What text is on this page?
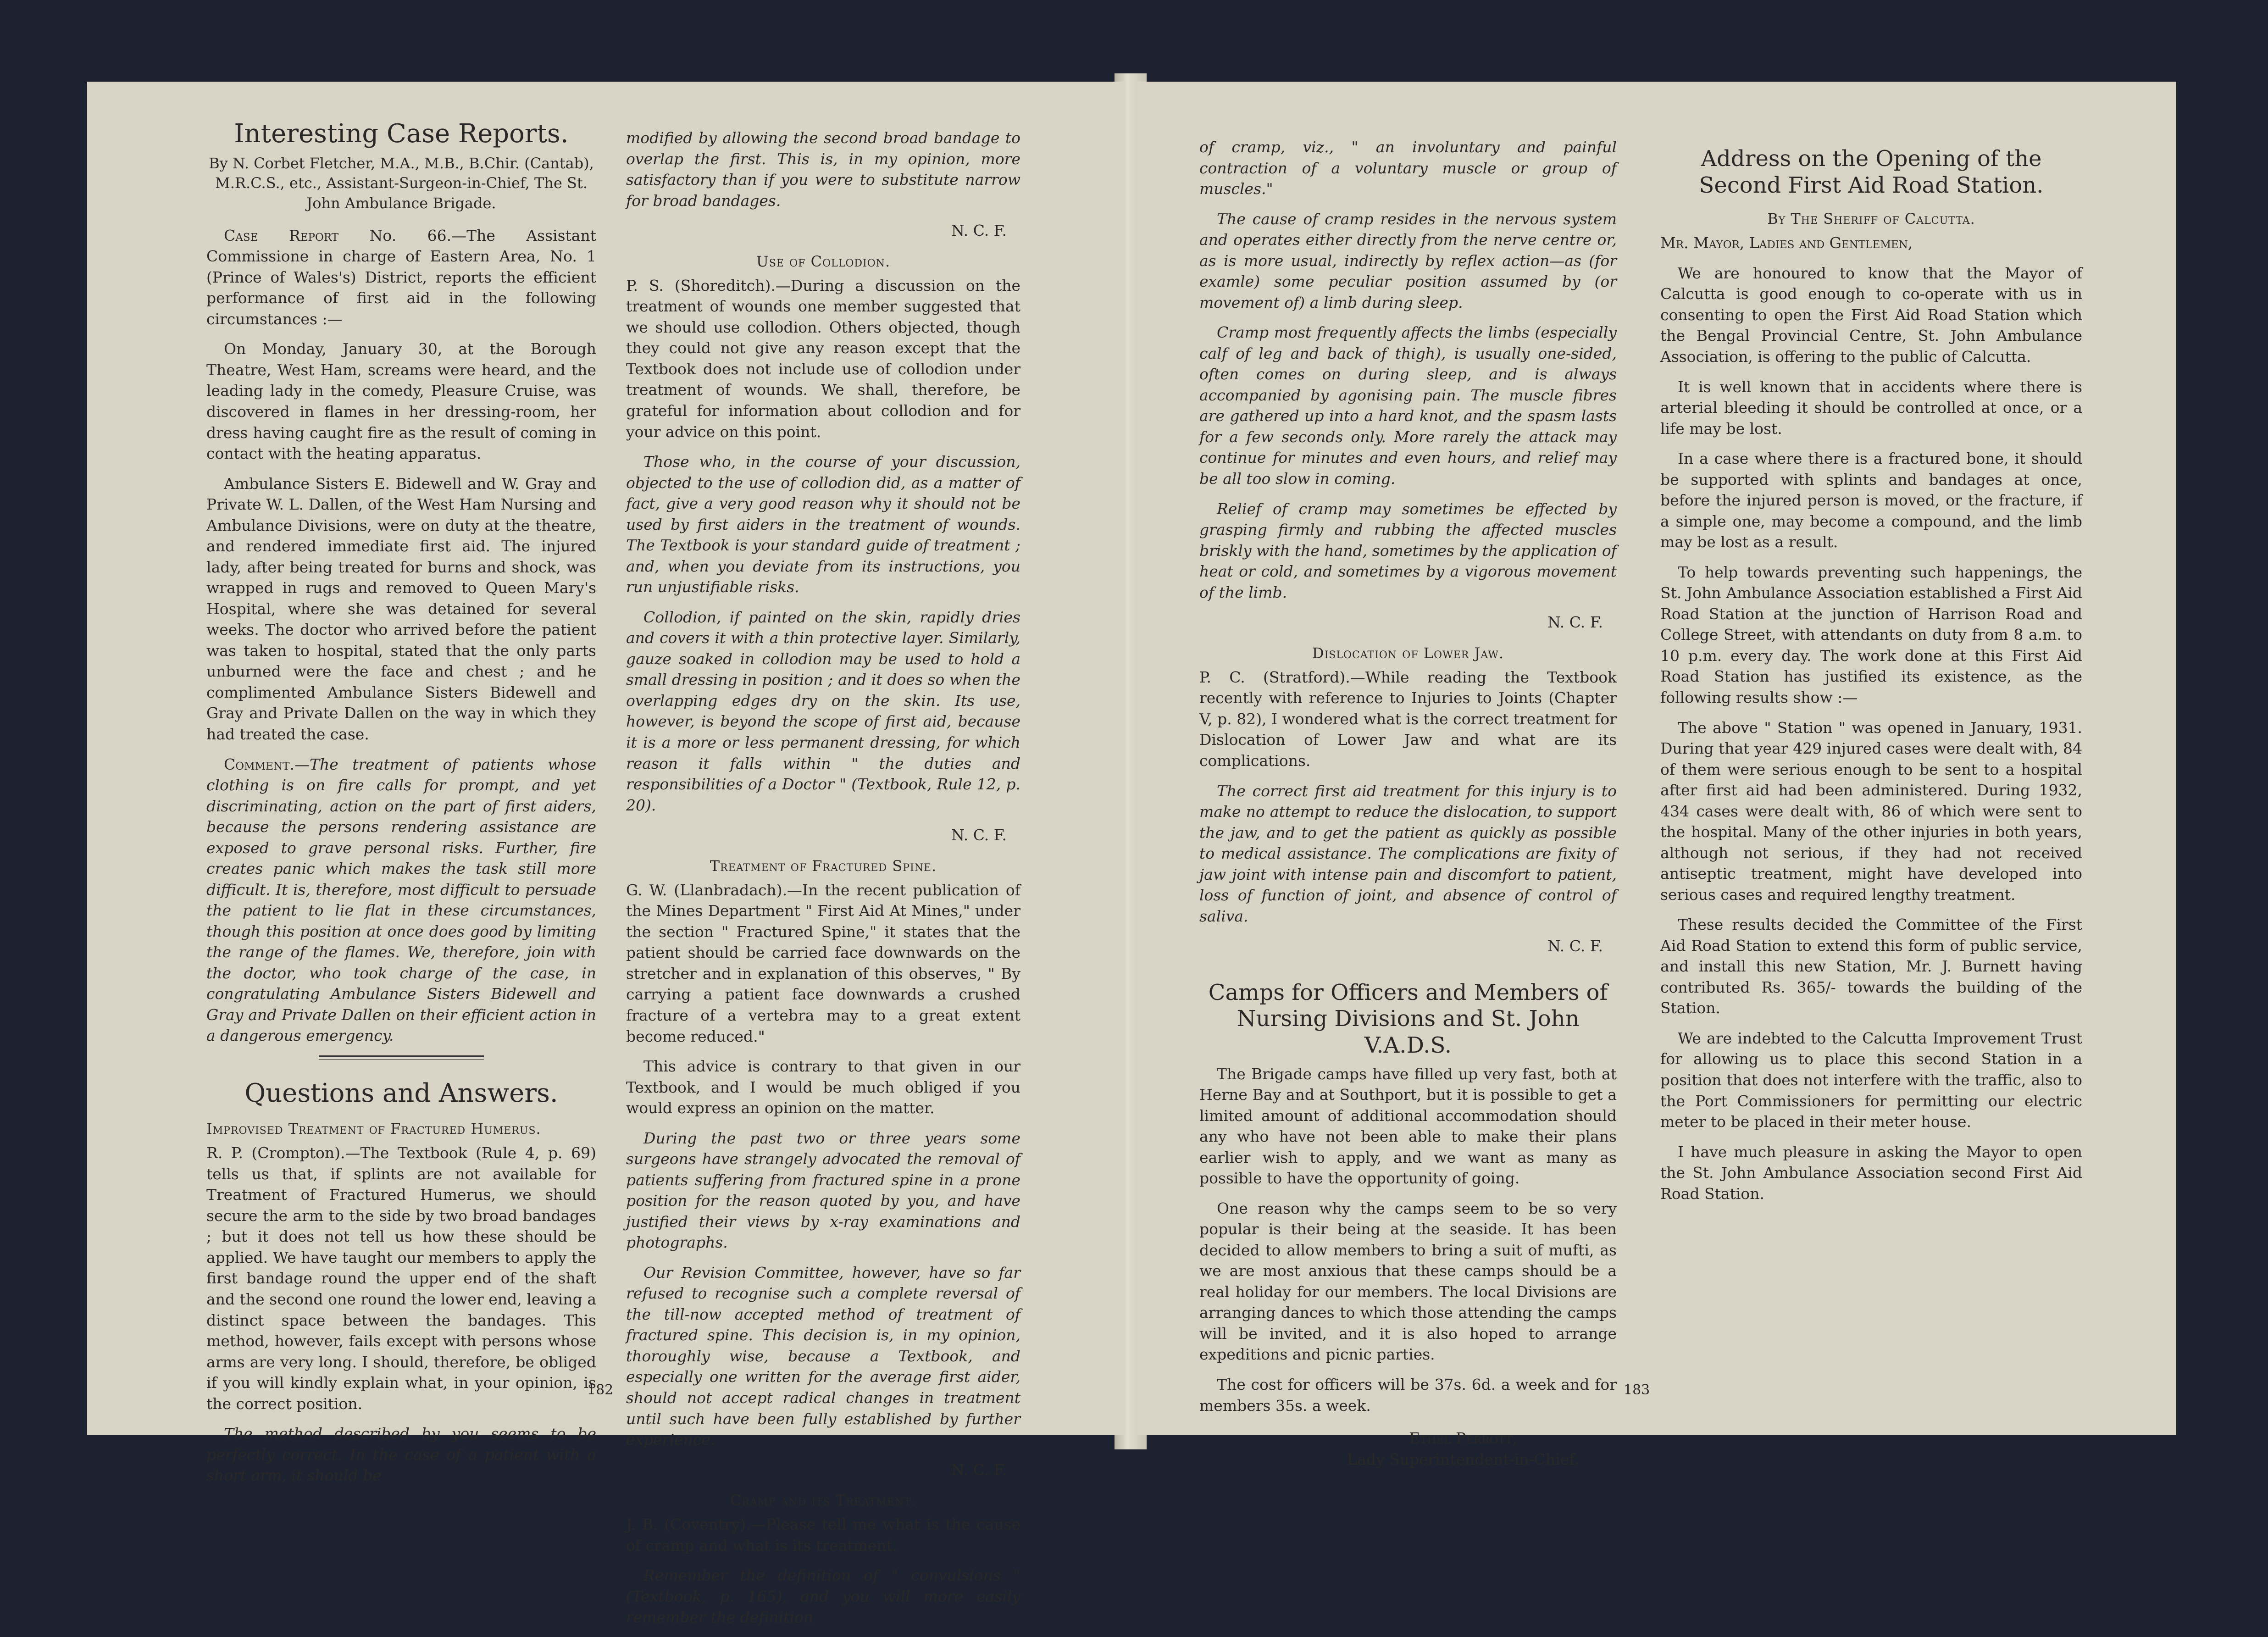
Interesting Case Reports.
By N. Corbet Fletcher, M.A., M.B., B.Chir. (Cantab), M.R.C.S., etc., Assistant-Surgeon-in-Chief, The St. John Ambulance Brigade.

Case Report No. 66.—The Assistant Commissione in charge of Eastern Area, No. 1 (Prince of Wales's) District, reports the efficient performance of first aid in the following circumstances :—

On Monday, January 30, at the Borough Theatre, West Ham, screams were heard, and the leading lady in the comedy, Pleasure Cruise, was discovered in flames in her dressing-room, her dress having caught fire as the result of coming in contact with the heating apparatus.

Ambulance Sisters E. Bidewell and W. Gray and Private W. L. Dallen, of the West Ham Nursing and Ambulance Divisions, were on duty at the theatre, and rendered immediate first aid. The injured lady, after being treated for burns and shock, was wrapped in rugs and removed to Queen Mary's Hospital, where she was detained for several weeks. The doctor who arrived before the patient was taken to hospital, stated that the only parts unburned were the face and chest ; and he complimented Ambulance Sisters Bidewell and Gray and Private Dallen on the way in which they had treated the case.

Comment.—The treatment of patients whose clothing is on fire calls for prompt, and yet discriminating, action on the part of first aiders, because the persons rendering assistance are exposed to grave personal risks. Further, fire creates panic which makes the task still more difficult. It is, therefore, most difficult to persuade the patient to lie flat in these circumstances, though this position at once does good by limiting the range of the flames. We, therefore, join with the doctor, who took charge of the case, in congratulating Ambulance Sisters Bidewell and Gray and Private Dallen on their efficient action in a dangerous emergency.

Questions and Answers.
Improvised Treatment of Fractured Humerus.

R. P. (Crompton).—The Textbook (Rule 4, p. 69) tells us that, if splints are not available for Treatment of Fractured Humerus, we should secure the arm to the side by two broad bandages ; but it does not tell us how these should be applied. We have taught our members to apply the first bandage round the upper end of the shaft and the second one round the lower end, leaving a distinct space between the bandages. This method, however, fails except with persons whose arms are very long. I should, therefore, be obliged if you will kindly explain what, in your opinion, is the correct position.

The method described by you seems to be perfectly correct. In the case of a patient with a short arm, it should be

modified by allowing the second broad bandage to overlap the first. This is, in my opinion, more satisfactory than if you were to substitute narrow for broad bandages.

N. C. F.
Use of Collodion.

P. S. (Shoreditch).—During a discussion on the treatment of wounds one member suggested that we should use collodion. Others objected, though they could not give any reason except that the Textbook does not include use of collodion under treatment of wounds. We shall, therefore, be grateful for information about collodion and for your advice on this point.

Those who, in the course of your discussion, objected to the use of collodion did, as a matter of fact, give a very good reason why it should not be used by first aiders in the treatment of wounds. The Textbook is your standard guide of treatment ; and, when you deviate from its instructions, you run unjustifiable risks.

Collodion, if painted on the skin, rapidly dries and covers it with a thin protective layer. Similarly, gauze soaked in collodion may be used to hold a small dressing in position ; and it does so when the overlapping edges dry on the skin. Its use, however, is beyond the scope of first aid, because it is a more or less permanent dressing, for which reason it falls within " the duties and responsibilities of a Doctor " (Textbook, Rule 12, p. 20).

N. C. F.
Treatment of Fractured Spine.

G. W. (Llanbradach).—In the recent publication of the Mines Department " First Aid At Mines," under the section " Fractured Spine," it states that the patient should be carried face downwards on the stretcher and in explanation of this observes, " By carrying a patient face downwards a crushed fracture of a vertebra may to a great extent become reduced."

This advice is contrary to that given in our Textbook, and I would be much obliged if you would express an opinion on the matter.

During the past two or three years some surgeons have strangely advocated the removal of patients suffering from fractured spine in a prone position for the reason quoted by you, and have justified their views by x-ray examinations and photographs.

Our Revision Committee, however, have so far refused to recognise such a complete reversal of the till-now accepted method of treatment of fractured spine. This decision is, in my opinion, thoroughly wise, because a Textbook, and especially one written for the average first aider, should not accept radical changes in treatment until such have been fully established by further experience.

N. C. F.
Cramp and its Treatment.

J. B. (Coventry).—Please tell me what is the cause of cramp and what is its treatment.

Remember the definition of " convulsions " (Textbook, p. 165), and you will more easily remember the definition

182

of cramp, viz., " an involuntary and painful contraction of a voluntary muscle or group of muscles."

The cause of cramp resides in the nervous system and operates either directly from the nerve centre or, as is more usual, indirectly by reflex action—as (for examle) some peculiar position assumed by (or movement of) a limb during sleep.

Cramp most frequently affects the limbs (especially calf of leg and back of thigh), is usually one-sided, often comes on during sleep, and is always accompanied by agonising pain. The muscle fibres are gathered up into a hard knot, and the spasm lasts for a few seconds only. More rarely the attack may continue for minutes and even hours, and relief may be all too slow in coming.

Relief of cramp may sometimes be effected by grasping firmly and rubbing the affected muscles briskly with the hand, sometimes by the application of heat or cold, and sometimes by a vigorous movement of the limb.

N. C. F.
Dislocation of Lower Jaw.

P. C. (Stratford).—While reading the Textbook recently with reference to Injuries to Joints (Chapter V, p. 82), I wondered what is the correct treatment for Dislocation of Lower Jaw and what are its complications.

The correct first aid treatment for this injury is to make no attempt to reduce the dislocation, to support the jaw, and to get the patient as quickly as possible to medical assistance. The complications are fixity of jaw joint with intense pain and discomfort to patient, loss of function of joint, and absence of control of saliva.

N. C. F.
Camps for Officers and Members of Nursing Divisions and St. John V.A.D.S.

The Brigade camps have filled up very fast, both at Herne Bay and at Southport, but it is possible to get a limited amount of additional accommodation should any who have not been able to make their plans earlier wish to apply, and we want as many as possible to have the opportunity of going.

One reason why the camps seem to be so very popular is their being at the seaside. It has been decided to allow members to bring a suit of mufti, as we are most anxious that these camps should be a real holiday for our members. The local Divisions are arranging dances to which those attending the camps will be invited, and it is also hoped to arrange expeditions and picnic parties.

The cost for officers will be 37s. 6d. a week and for members 35s. a week.

Ethel Perrott,
Lady Superintendent-in-Chief.
Address on the Opening of the Second First Aid Road Station.
By The Sheriff of Calcutta.

Mr. Mayor, Ladies and Gentlemen,

We are honoured to know that the Mayor of Calcutta is good enough to co-operate with us in consenting to open the First Aid Road Station which the Bengal Provincial Centre, St. John Ambulance Association, is offering to the public of Calcutta.

It is well known that in accidents where there is arterial bleeding it should be controlled at once, or a life may be lost.

In a case where there is a fractured bone, it should be supported with splints and bandages at once, before the injured person is moved, or the fracture, if a simple one, may become a compound, and the limb may be lost as a result.

To help towards preventing such happenings, the St. John Ambulance Association established a First Aid Road Station at the junction of Harrison Road and College Street, with attendants on duty from 8 a.m. to 10 p.m. every day. The work done at this First Aid Road Station has justified its existence, as the following results show :—

The above " Station " was opened in January, 1931. During that year 429 injured cases were dealt with, 84 of them were serious enough to be sent to a hospital after first aid had been administered. During 1932, 434 cases were dealt with, 86 of which were sent to the hospital. Many of the other injuries in both years, although not serious, if they had not received antiseptic treatment, might have developed into serious cases and required lengthy treatment.

These results decided the Committee of the First Aid Road Station to extend this form of public service, and install this new Station, Mr. J. Burnett having contributed Rs. 365/- towards the building of the Station.

We are indebted to the Calcutta Improvement Trust for allowing us to place this second Station in a position that does not interfere with the traffic, also to the Port Commissioners for permitting our electric meter to be placed in their meter house.

I have much pleasure in asking the Mayor to open the St. John Ambulance Association second First Aid Road Station.

183
